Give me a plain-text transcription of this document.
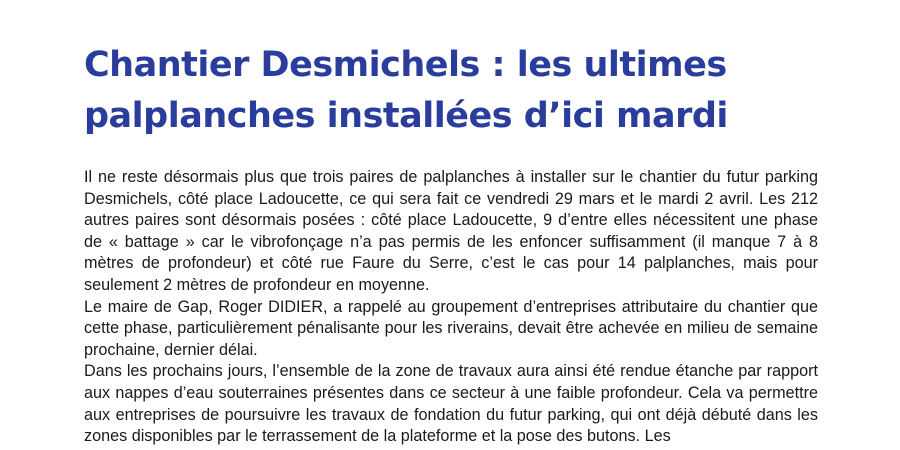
Chantier Desmichels : les ultimes palplanches installées d’ici mardi

Il ne reste désormais plus que trois paires de palplanches à installer sur le chantier du futur parking Desmichels, côté place Ladoucette, ce qui sera fait ce vendredi 29 mars et le mardi 2 avril. Les 212 autres paires sont désormais posées : côté place Ladoucette, 9 d’entre elles nécessitent une phase de « battage » car le vibrofonçage n’a pas permis de les enfoncer suffisamment (il manque 7 à 8 mètres de profondeur) et côté rue Faure du Serre, c’est le cas pour 14 palplanches, mais pour seulement 2 mètres de profondeur en moyenne.

Le maire de Gap, Roger DIDIER, a rappelé au groupement d’entreprises attributaire du chantier que cette phase, particulièrement pénalisante pour les riverains, devait être achevée en milieu de semaine prochaine, dernier délai.

Dans les prochains jours, l’ensemble de la zone de travaux aura ainsi été rendue étanche par rapport aux nappes d’eau souterraines présentes dans ce secteur à une faible profondeur. Cela va permettre aux entreprises de poursuivre les travaux de fondation du futur parking, qui ont déjà débuté dans les zones disponibles par le terrassement de la plateforme et la pose des butons. Les
